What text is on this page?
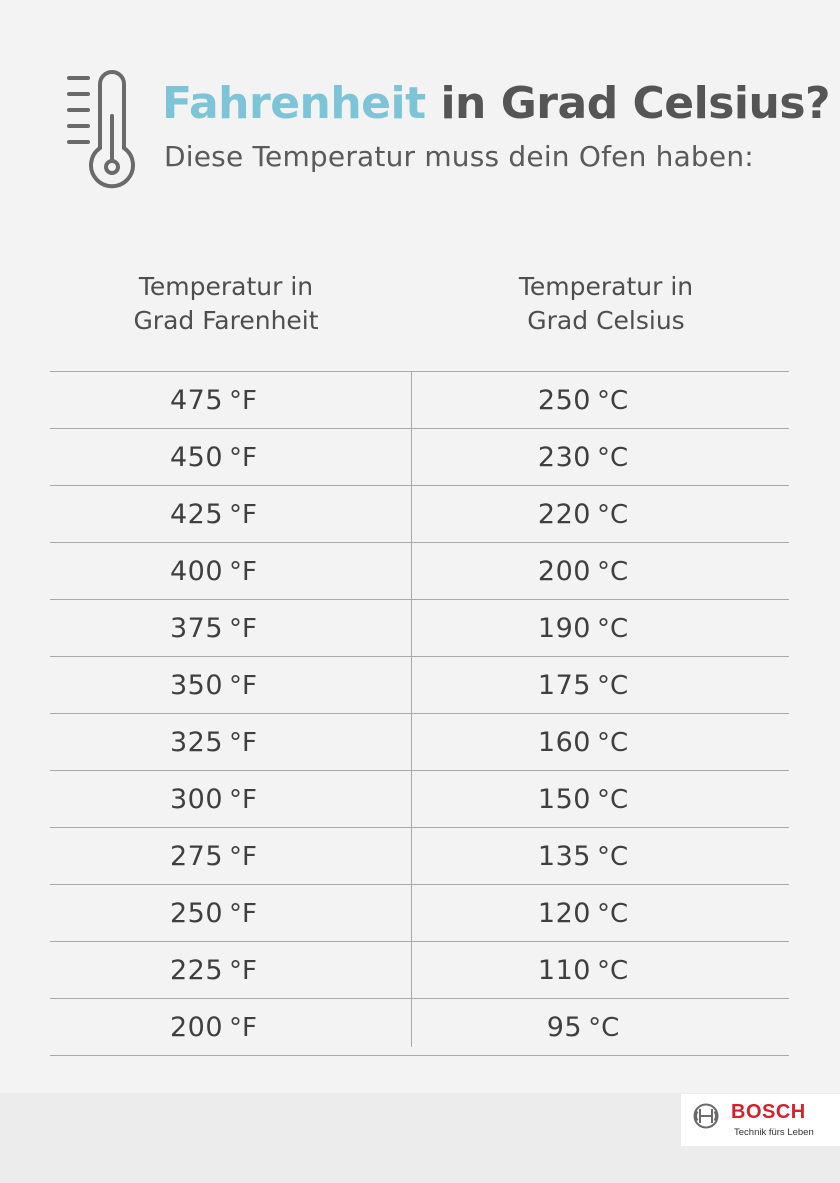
Fahrenheit in Grad Celsius?
Diese Temperatur muss dein Ofen haben:
Temperatur in
Grad Farenheit
Temperatur in
Grad Celsius
475 °F	250 °C
450 °F	230 °C
425 °F	220 °C
400 °F	200 °C
375 °F	190 °C
350 °F	175 °C
325 °F	160 °C
300 °F	150 °C
275 °F	135 °C
250 °F	120 °C
225 °F	110 °C
200 °F	95 °C
BOSCH
Technik fürs Leben
